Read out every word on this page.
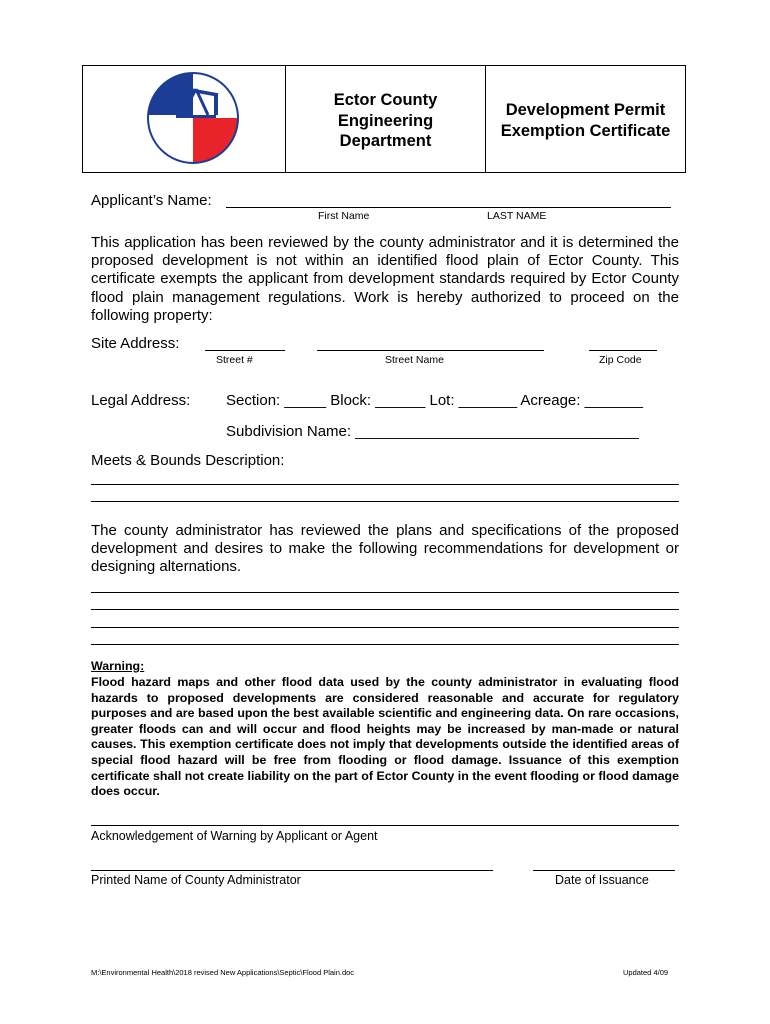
Ector County
Engineering
Department
Development Permit
Exemption Certificate
Applicant’s Name:
First Name	LAST NAME
This application has been reviewed by the county administrator and it is determined the proposed development is not within an identified flood plain of Ector County. This certificate exempts the applicant from development standards required by Ector County flood plain management regulations. Work is hereby authorized to proceed on the following property:
Site Address:
Street #	Street Name	Zip Code
Legal Address: Section: _____ Block: ______ Lot: _______ Acreage: _______
Subdivision Name: __________________________________
Meets & Bounds Description:
The county administrator has reviewed the plans and specifications of the proposed development and desires to make the following recommendations for development or designing alternations.
Warning:
Flood hazard maps and other flood data used by the county administrator in evaluating flood hazards to proposed developments are considered reasonable and accurate for regulatory purposes and are based upon the best available scientific and engineering data. On rare occasions, greater floods can and will occur and flood heights may be increased by man-made or natural causes. This exemption certificate does not imply that developments outside the identified areas of special flood hazard will be free from flooding or flood damage. Issuance of this exemption certificate shall not create liability on the part of Ector County in the event flooding or flood damage does occur.
Acknowledgement of Warning by Applicant or Agent
Printed Name of County Administrator	Date of Issuance
M:\Environmental Health\2018 revised New Applications\Septic\Flood Plain.doc	Updated 4/09
